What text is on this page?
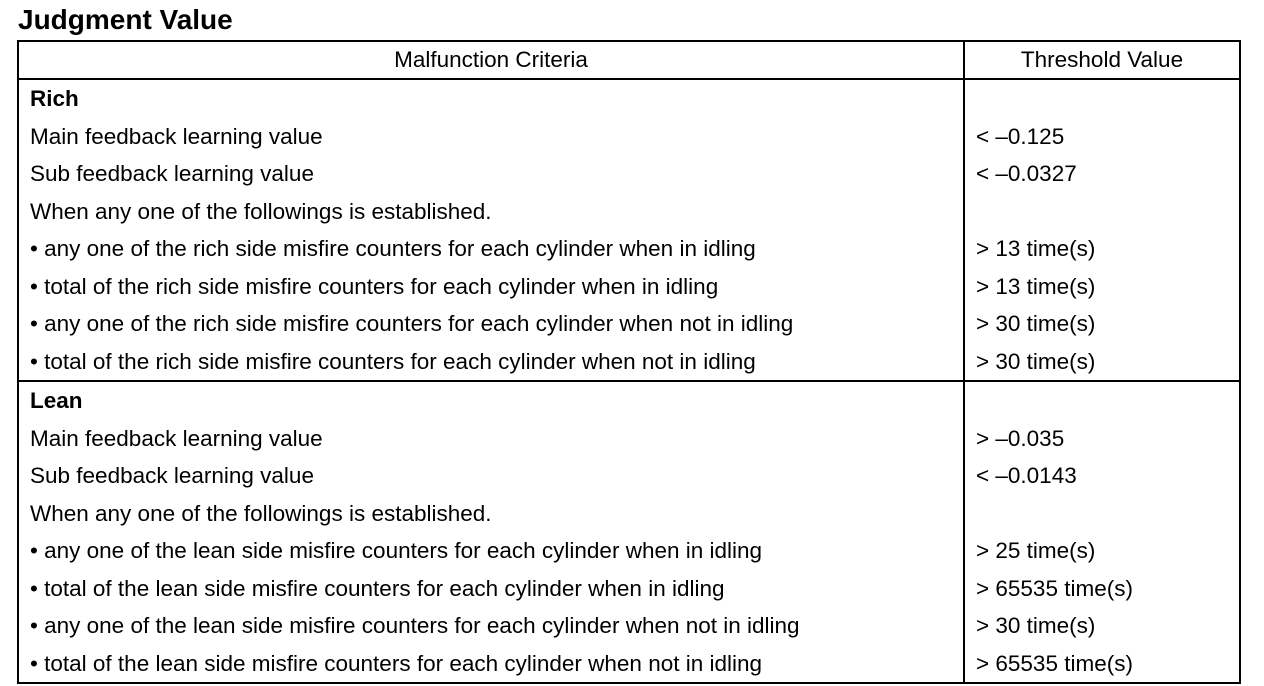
Judgment Value
Malfunction Criteria	Threshold Value
Rich	
Main feedback learning value	< –0.125
Sub feedback learning value	< –0.0327
When any one of the followings is established.	
• any one of the rich side misfire counters for each cylinder when in idling	> 13 time(s)
• total of the rich side misfire counters for each cylinder when in idling	> 13 time(s)
• any one of the rich side misfire counters for each cylinder when not in idling	> 30 time(s)
• total of the rich side misfire counters for each cylinder when not in idling	> 30 time(s)
Lean	
Main feedback learning value	> –0.035
Sub feedback learning value	< –0.0143
When any one of the followings is established.	
• any one of the lean side misfire counters for each cylinder when in idling	> 25 time(s)
• total of the lean side misfire counters for each cylinder when in idling	> 65535 time(s)
• any one of the lean side misfire counters for each cylinder when not in idling	> 30 time(s)
• total of the lean side misfire counters for each cylinder when not in idling	> 65535 time(s)
